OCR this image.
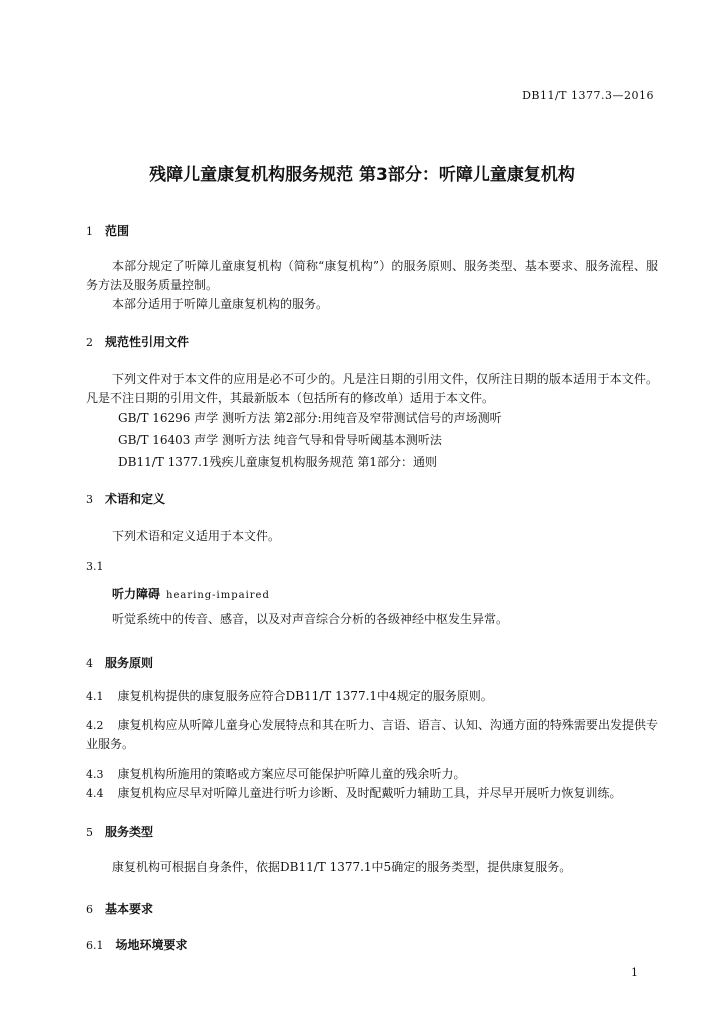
DB11/T 1377.3—2016
残障儿童康复机构服务规范 第3部分：听障儿童康复机构
1 范围
本部分规定了听障儿童康复机构（简称“康复机构”）的服务原则、服务类型、基本要求、服务流程、服务方法及服务质量控制。
本部分适用于听障儿童康复机构的服务。
2 规范性引用文件
下列文件对于本文件的应用是必不可少的。凡是注日期的引用文件，仅所注日期的版本适用于本文件。凡是不注日期的引用文件，其最新版本（包括所有的修改单）适用于本文件。
GB/T 16296 声学 测听方法 第2部分:用纯音及窄带测试信号的声场测听
GB/T 16403 声学 测听方法 纯音气导和骨导听阈基本测听法
DB11/T 1377.1残疾儿童康复机构服务规范 第1部分：通则
3 术语和定义
下列术语和定义适用于本文件。
3.1
听力障碍 hearing-impaired
听觉系统中的传音、感音，以及对声音综合分析的各级神经中枢发生异常。
4 服务原则
4.1 康复机构提供的康复服务应符合DB11/T 1377.1中4规定的服务原则。
4.2 康复机构应从听障儿童身心发展特点和其在听力、言语、语言、认知、沟通方面的特殊需要出发提供专业服务。
4.3 康复机构所施用的策略或方案应尽可能保护听障儿童的残余听力。
4.4 康复机构应尽早对听障儿童进行听力诊断、及时配戴听力辅助工具，并尽早开展听力恢复训练。
5 服务类型
康复机构可根据自身条件，依据DB11/T 1377.1中5确定的服务类型，提供康复服务。
6 基本要求
6.1 场地环境要求
1
